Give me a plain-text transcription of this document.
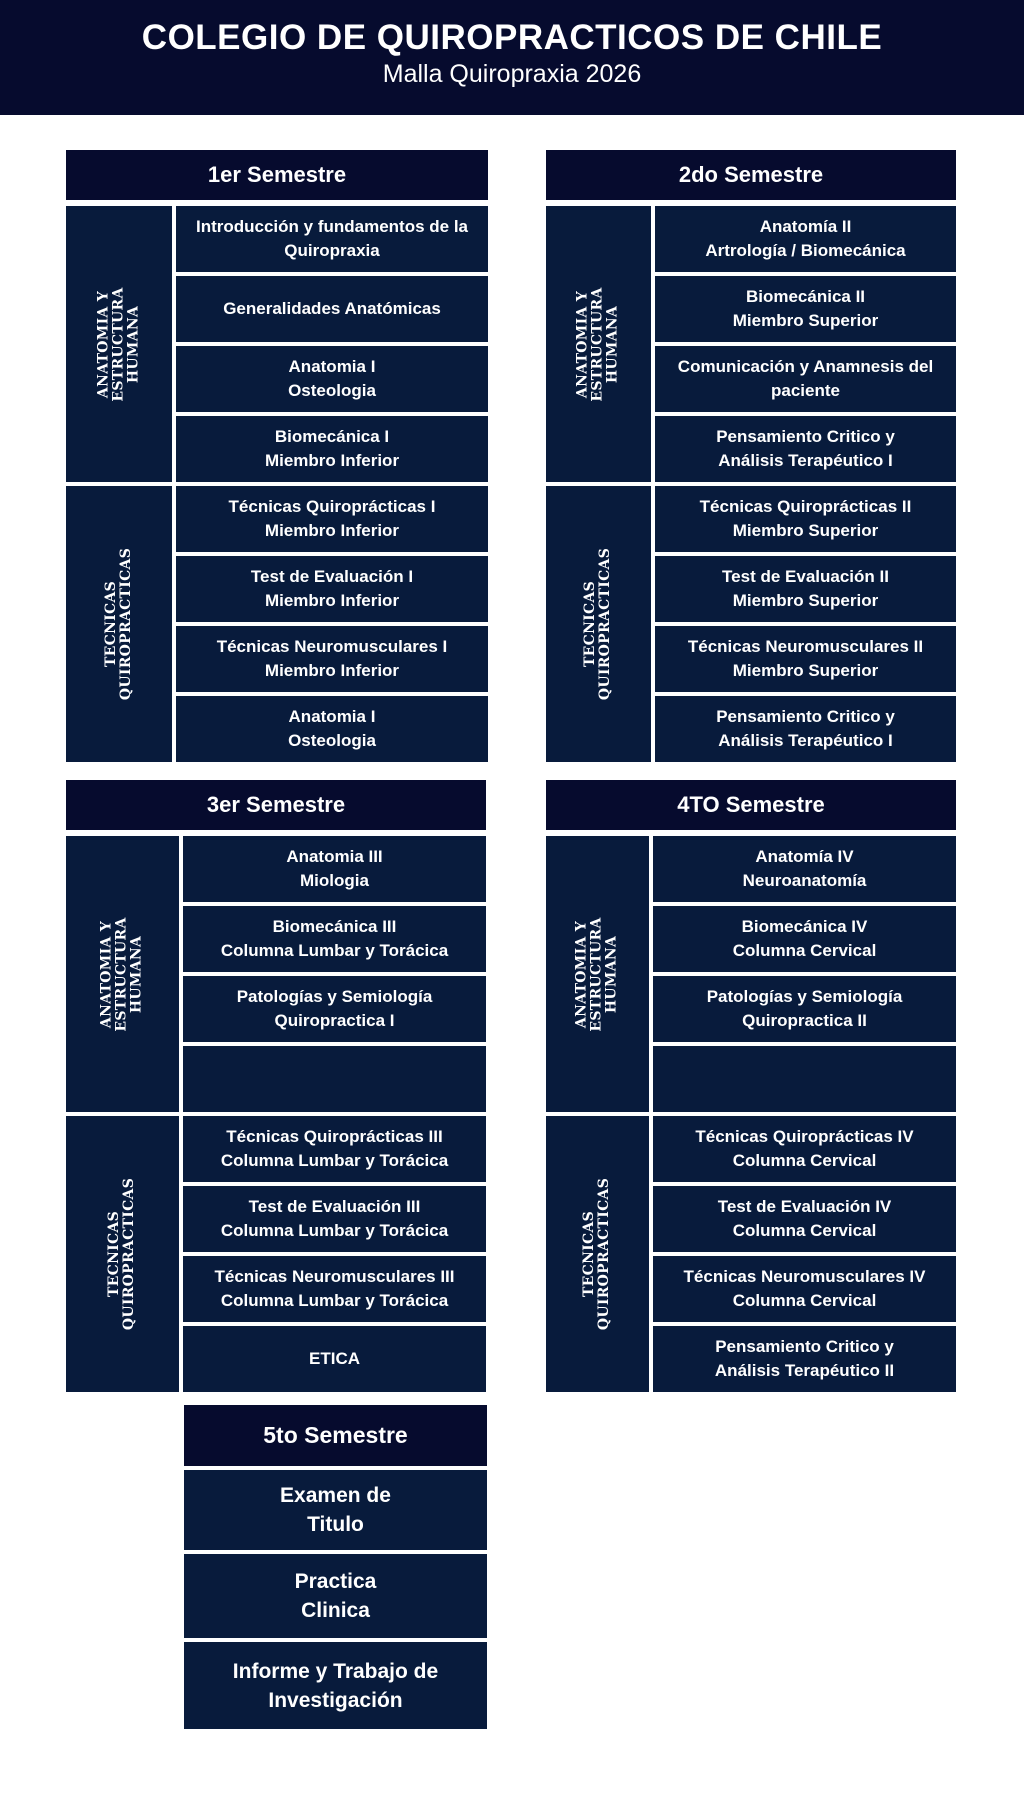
COLEGIO DE QUIROPRACTICOS DE CHILE
Malla Quiropraxia 2026
1er Semestre
ANATOMIA Y
ESTRUCTURA
HUMANA
TECNICAS
QUIROPRACTICAS
Introducción y fundamentos de la
Quiropraxia
Generalidades Anatómicas
Anatomia I
Osteologia
Biomecánica I
Miembro Inferior
Técnicas Quiroprácticas I
Miembro Inferior
Test de Evaluación I
Miembro Inferior
Técnicas Neuromusculares I
Miembro Inferior
Anatomia I
Osteologia
2do Semestre
ANATOMIA Y
ESTRUCTURA
HUMANA
TECNICAS
QUIROPRACTICAS
Anatomía II
Artrología / Biomecánica
Biomecánica II
Miembro Superior
Comunicación y Anamnesis del
paciente
Pensamiento Critico y
Análisis Terapéutico I
Técnicas Quiroprácticas II
Miembro Superior
Test de Evaluación II
Miembro Superior
Técnicas Neuromusculares II
Miembro Superior
Pensamiento Critico y
Análisis Terapéutico I
3er Semestre
ANATOMIA Y
ESTRUCTURA
HUMANA
TECNICAS
QUIROPRACTICAS
Anatomia III
Miologia
Biomecánica III
Columna Lumbar y Torácica
Patologías y Semiología
Quiropractica I
Técnicas Quiroprácticas III
Columna Lumbar y Torácica
Test de Evaluación III
Columna Lumbar y Torácica
Técnicas Neuromusculares III
Columna Lumbar y Torácica
ETICA
4TO Semestre
ANATOMIA Y
ESTRUCTURA
HUMANA
TECNICAS
QUIROPRACTICAS
Anatomía IV
Neuroanatomía
Biomecánica IV
Columna Cervical
Patologías y Semiología
Quiropractica II
Técnicas Quiroprácticas IV
Columna Cervical
Test de Evaluación IV
Columna Cervical
Técnicas Neuromusculares IV
Columna Cervical
Pensamiento Critico y
Análisis Terapéutico II
5to Semestre
Examen de
Titulo
Practica
Clinica
Informe y Trabajo de
Investigación
